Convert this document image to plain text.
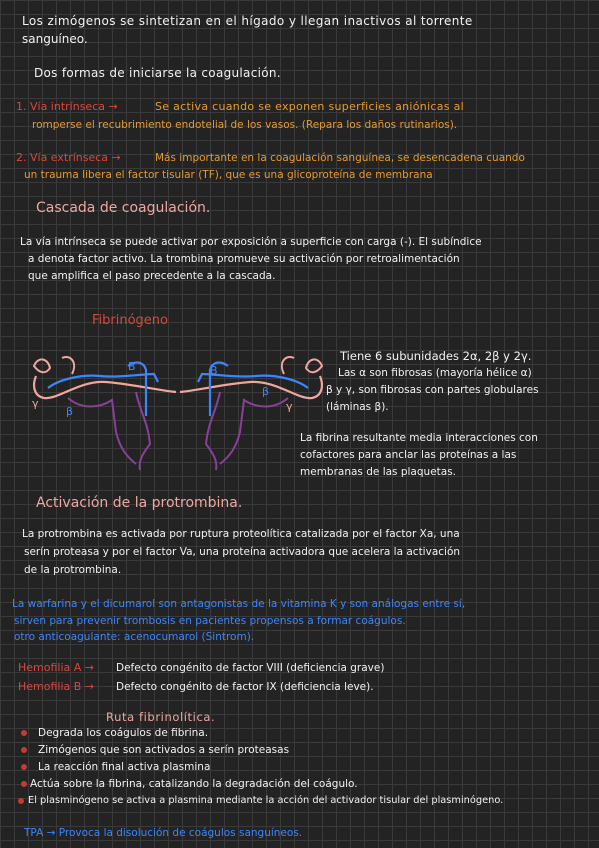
Los zimógenos se sintetizan en el hígado y llegan inactivos al torrente
sanguíneo.
Dos formas de iniciarse la coagulación.
1. Vía intrínseca →	Se activa cuando se exponen superficies aniónicas al
romperse el recubrimiento endotelial de los vasos. (Repara los daños rutinarios).
2. Vía extrínseca →	Más importante en la coagulación sanguínea, se desencadena cuando
un trauma libera el factor tisular (TF), que es una glicoproteína de membrana
Cascada de coagulación.
La vía intrínseca se puede activar por exposición a superficie con carga (-). El subíndice
a denota factor activo. La trombina promueve su activación por retroalimentación
que amplifica el paso precedente a la cascada.
Fibrinógeno
B	B
β
β
γ	γ
Tiene 6 subunidades 2α, 2β y 2γ.
Las α son fibrosas (mayoría hélice α)
β y γ, son fibrosas con partes globulares
(láminas β).
La fibrina resultante media interacciones con
cofactores para anclar las proteínas a las
membranas de las plaquetas.
Activación de la protrombina.
La protrombina es activada por ruptura proteolítica catalizada por el factor Xa, una
serín proteasa y por el factor Va, una proteína activadora que acelera la activación
de la protrombina.
La warfarina y el dicumarol son antagonistas de la vitamina K y son análogas entre sí,
sirven para prevenir trombosis en pacientes propensos a formar coágulos.
otro anticoagulante: acenocumarol (Sintrom).
Hemofilia A → Defecto congénito de factor VIII (deficiencia grave)
Hemofilia B → Defecto congénito de factor IX (deficiencia leve).
Ruta fibrinolítica.
Degrada los coágulos de fibrina.
Zimógenos que son activados a serín proteasas
La reacción final activa plasmina
Actúa sobre la fibrina, catalizando la degradación del coágulo.
El plasminógeno se activa a plasmina mediante la acción del activador tisular del plasminógeno.
TPA → Provoca la disolución de coágulos sanguíneos.
